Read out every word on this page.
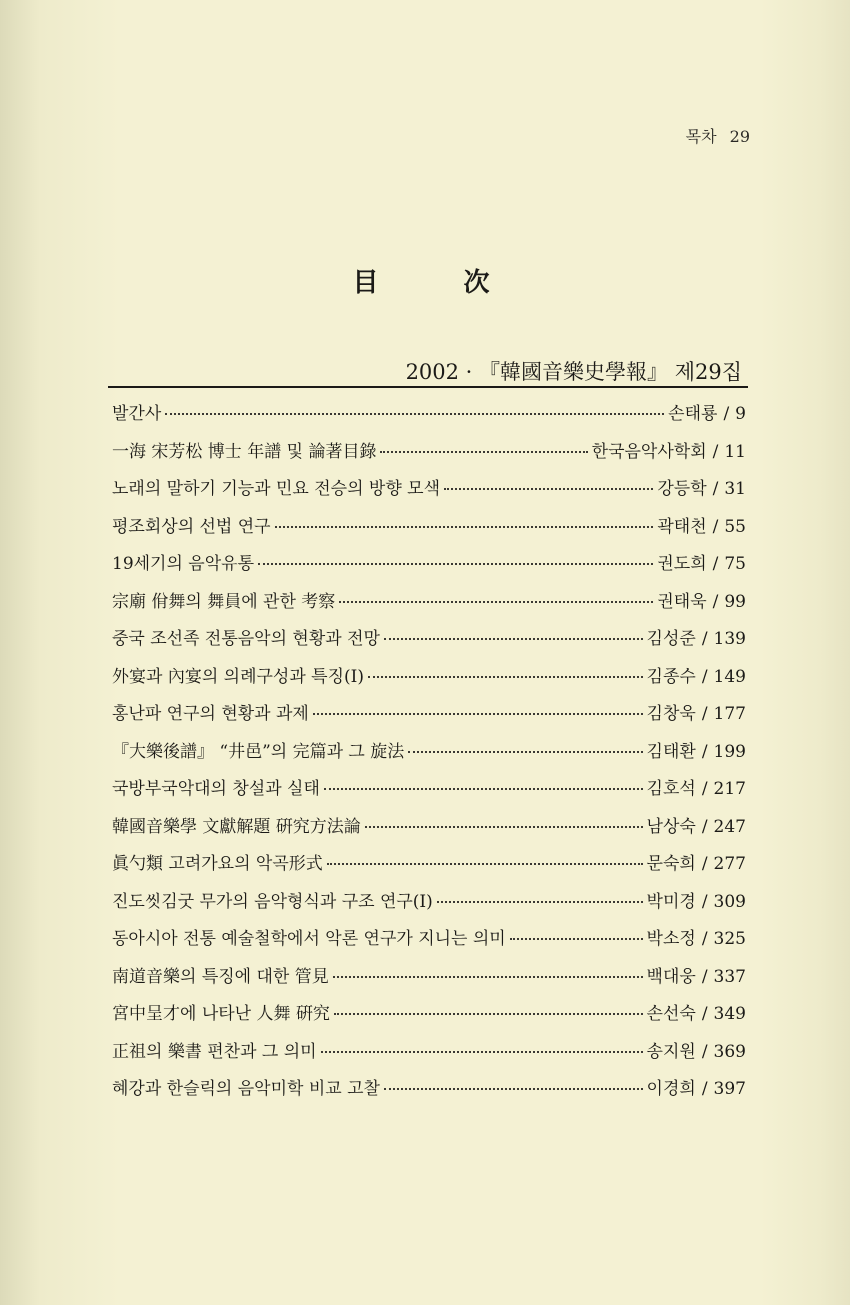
목차 29
目 次
2002 · 『韓國音樂史學報』 제29집
발간사	손태룡 / 9
一海 宋芳松 博士 年譜 및 論著目錄	한국음악사학회 / 11
노래의 말하기 기능과 민요 전승의 방향 모색	강등학 / 31
평조회상의 선법 연구	곽태천 / 55
19세기의 음악유통	권도희 / 75
宗廟 佾舞의 舞員에 관한 考察	권태욱 / 99
중국 조선족 전통음악의 현황과 전망	김성준 / 139
外宴과 內宴의 의례구성과 특징(Ⅰ)	김종수 / 149
홍난파 연구의 현황과 과제	김창욱 / 177
『大樂後譜』 “井邑”의 完篇과 그 旋法	김태환 / 199
국방부국악대의 창설과 실태	김호석 / 217
韓國音樂學 文獻解題 硏究方法論	남상숙 / 247
眞勺類 고려가요의 악곡形式	문숙희 / 277
진도씻김굿 무가의 음악형식과 구조 연구(Ⅰ)	박미경 / 309
동아시아 전통 예술철학에서 악론 연구가 지니는 의미	박소정 / 325
南道音樂의 특징에 대한 管見	백대웅 / 337
宮中呈才에 나타난 人舞 硏究	손선숙 / 349
正祖의 樂書 편찬과 그 의미	송지원 / 369
혜강과 한슬릭의 음악미학 비교 고찰	이경희 / 397
